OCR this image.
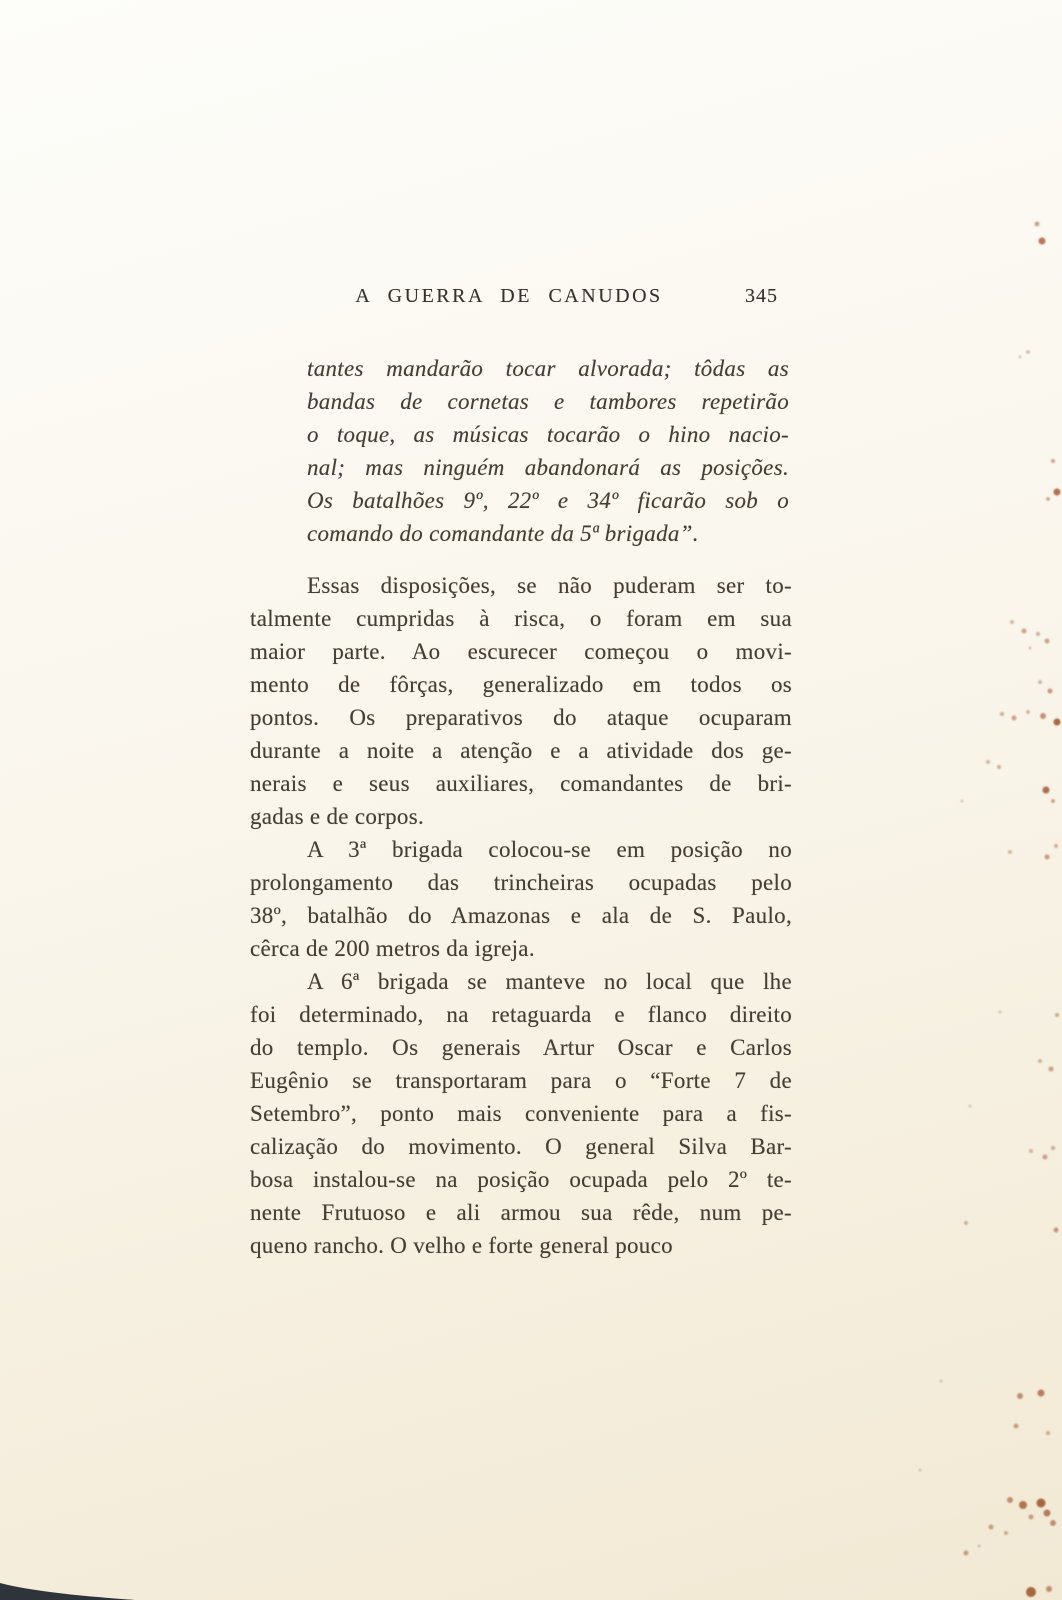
A GUERRA DE CANUDOS	345
tantes mandarão tocar alvorada; tôdas as
bandas de cornetas e tambores repetirão
o toque, as músicas tocarão o hino nacio-
nal; mas ninguém abandonará as posições.
Os batalhões 9º, 22º e 34º ficarão sob o
comando do comandante da 5ª brigada”.
Essas disposições, se não puderam ser to-
talmente cumpridas à risca, o foram em sua
maior parte. Ao escurecer começou o movi-
mento de fôrças, generalizado em todos os
pontos. Os preparativos do ataque ocuparam
durante a noite a atenção e a atividade dos ge-
nerais e seus auxiliares, comandantes de bri-
gadas e de corpos.
A 3ª brigada colocou-se em posição no
prolongamento das trincheiras ocupadas pelo
38º, batalhão do Amazonas e ala de S. Paulo,
cêrca de 200 metros da igreja.
A 6ª brigada se manteve no local que lhe
foi determinado, na retaguarda e flanco direito
do templo. Os generais Artur Oscar e Carlos
Eugênio se transportaram para o “Forte 7 de
Setembro”, ponto mais conveniente para a fis-
calização do movimento. O general Silva Bar-
bosa instalou-se na posição ocupada pelo 2º te-
nente Frutuoso e ali armou sua rêde, num pe-
queno rancho. O velho e forte general pouco
